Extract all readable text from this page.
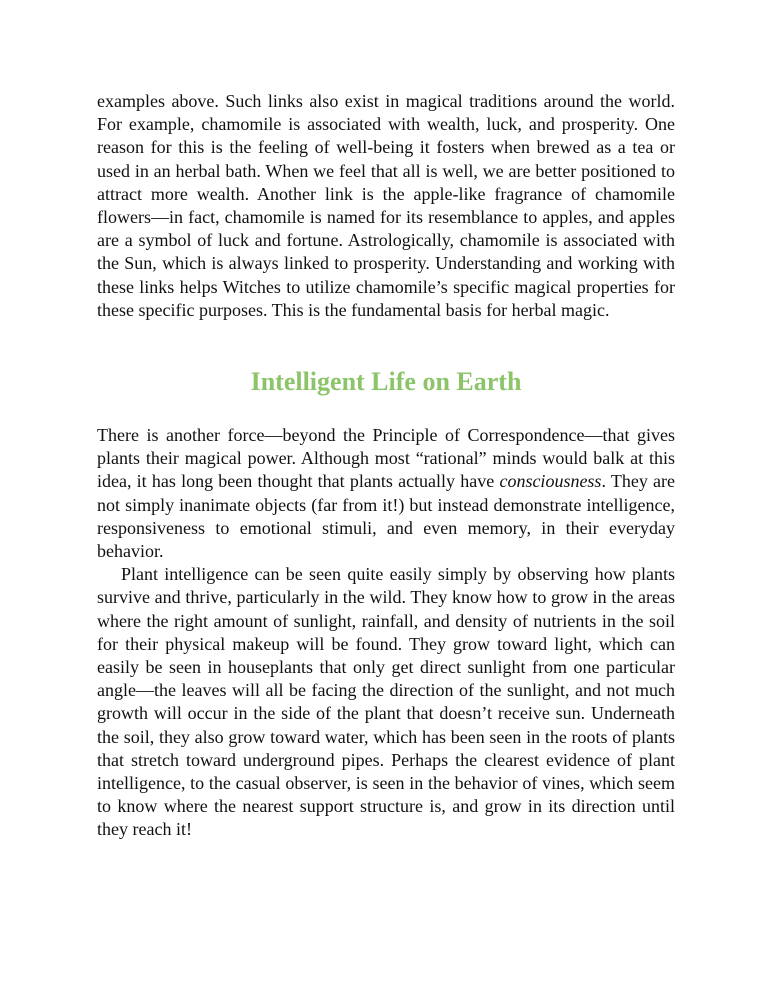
examples above. Such links also exist in magical traditions around the world. For example, chamomile is associated with wealth, luck, and prosperity. One reason for this is the feeling of well-being it fosters when brewed as a tea or used in an herbal bath. When we feel that all is well, we are better positioned to attract more wealth. Another link is the apple-like fragrance of chamomile flowers—in fact, chamomile is named for its resemblance to apples, and apples are a symbol of luck and fortune. Astrologically, chamomile is associated with the Sun, which is always linked to prosperity. Understanding and working with these links helps Witches to utilize chamomile’s specific magical properties for these specific purposes. This is the fundamental basis for herbal magic.

Intelligent Life on Earth

There is another force—beyond the Principle of Correspondence—that gives plants their magical power. Although most “rational” minds would balk at this idea, it has long been thought that plants actually have consciousness. They are not simply inanimate objects (far from it!) but instead demonstrate intelligence, responsiveness to emotional stimuli, and even memory, in their everyday behavior.

Plant intelligence can be seen quite easily simply by observing how plants survive and thrive, particularly in the wild. They know how to grow in the areas where the right amount of sunlight, rainfall, and density of nutrients in the soil for their physical makeup will be found. They grow toward light, which can easily be seen in houseplants that only get direct sunlight from one particular angle—the leaves will all be facing the direction of the sunlight, and not much growth will occur in the side of the plant that doesn’t receive sun. Underneath the soil, they also grow toward water, which has been seen in the roots of plants that stretch toward underground pipes. Perhaps the clearest evidence of plant intelligence, to the casual observer, is seen in the behavior of vines, which seem to know where the nearest support structure is, and grow in its direction until they reach it!
